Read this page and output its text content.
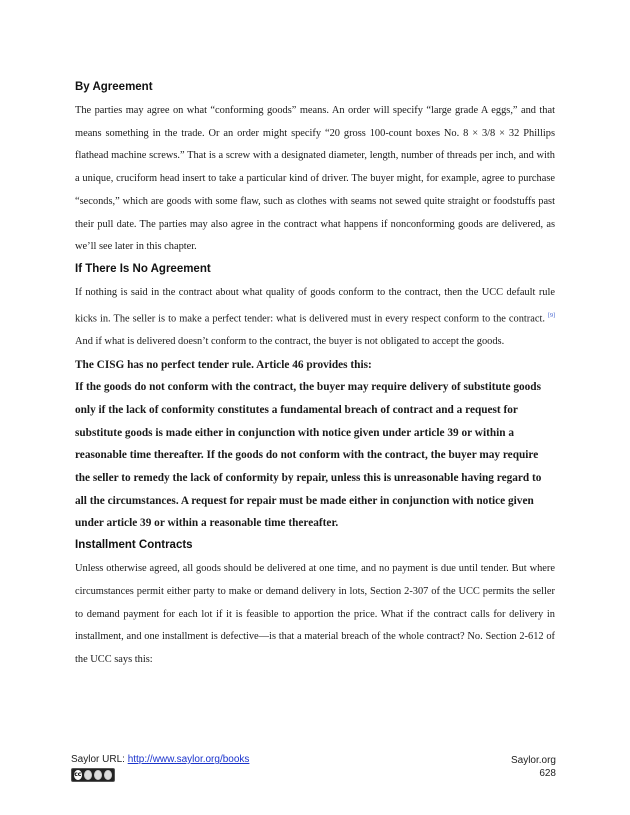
By Agreement

The parties may agree on what “conforming goods” means. An order will specify “large grade A eggs,” and that means something in the trade. Or an order might specify “20 gross 100-count boxes No. 8 × 3/8 × 32 Phillips flathead machine screws.” That is a screw with a designated diameter, length, number of threads per inch, and with a unique, cruciform head insert to take a particular kind of driver. The buyer might, for example, agree to purchase “seconds,” which are goods with some flaw, such as clothes with seams not sewed quite straight or foodstuffs past their pull date. The parties may also agree in the contract what happens if nonconforming goods are delivered, as we’ll see later in this chapter.

If There Is No Agreement

If nothing is said in the contract about what quality of goods conform to the contract, then the UCC default rule kicks in. The seller is to make a perfect tender: what is delivered must in every respect conform to the contract. [9] And if what is delivered doesn’t conform to the contract, the buyer is not obligated to accept the goods.

The CISG has no perfect tender rule. Article 46 provides this:

If the goods do not conform with the contract, the buyer may require delivery of substitute goods only if the lack of conformity constitutes a fundamental breach of contract and a request for substitute goods is made either in conjunction with notice given under article 39 or within a reasonable time thereafter. If the goods do not conform with the contract, the buyer may require the seller to remedy the lack of conformity by repair, unless this is unreasonable having regard to all the circumstances. A request for repair must be made either in conjunction with notice given under article 39 or within a reasonable time thereafter.

Installment Contracts

Unless otherwise agreed, all goods should be delivered at one time, and no payment is due until tender. But where circumstances permit either party to make or demand delivery in lots, Section 2-307 of the UCC permits the seller to demand payment for each lot if it is feasible to apportion the price. What if the contract calls for delivery in installment, and one installment is defective—is that a material breach of the whole contract? No. Section 2-612 of the UCC says this:

Saylor URL: http://www.saylor.org/books
cc
Saylor.org
628
